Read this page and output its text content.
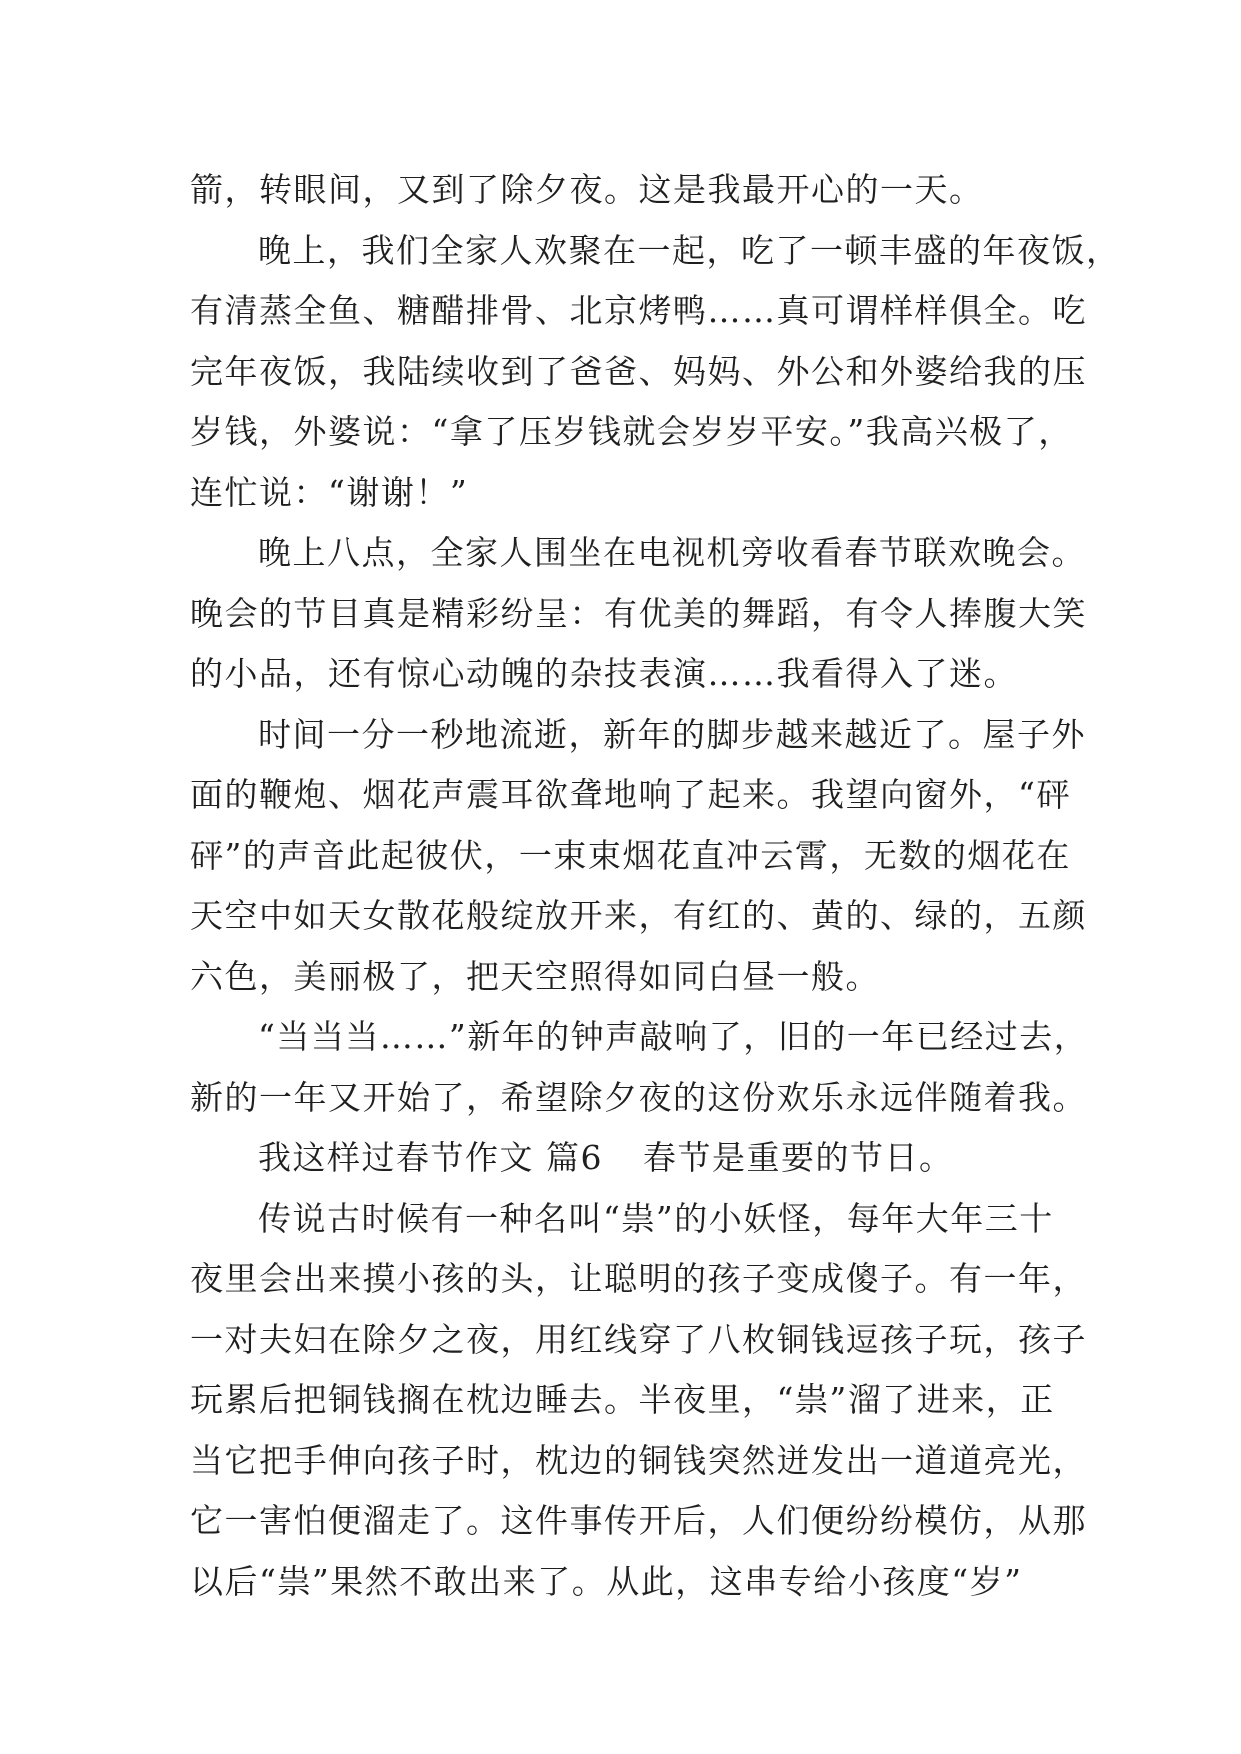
箭，转眼间，又到了除夕夜。这是我最开心的一天。
晚上，我们全家人欢聚在一起，吃了一顿丰盛的年夜饭，
有清蒸全鱼、糖醋排骨、北京烤鸭……真可谓样样俱全。吃
完年夜饭，我陆续收到了爸爸、妈妈、外公和外婆给我的压
岁钱，外婆说：“拿了压岁钱就会岁岁平安。”我高兴极了，
连忙说：“谢谢！”
晚上八点，全家人围坐在电视机旁收看春节联欢晚会。
晚会的节目真是精彩纷呈：有优美的舞蹈，有令人捧腹大笑
的小品，还有惊心动魄的杂技表演……我看得入了迷。
时间一分一秒地流逝，新年的脚步越来越近了。屋子外
面的鞭炮、烟花声震耳欲聋地响了起来。我望向窗外，“砰
砰”的声音此起彼伏，一束束烟花直冲云霄，无数的烟花在
天空中如天女散花般绽放开来，有红的、黄的、绿的，五颜
六色，美丽极了，把天空照得如同白昼一般。
“当当当……”新年的钟声敲响了，旧的一年已经过去，
新的一年又开始了，希望除夕夜的这份欢乐永远伴随着我。
我这样过春节作文 篇6 春节是重要的节日。
传说古时候有一种名叫“祟”的小妖怪，每年大年三十
夜里会出来摸小孩的头，让聪明的孩子变成傻子。有一年，
一对夫妇在除夕之夜，用红线穿了八枚铜钱逗孩子玩，孩子
玩累后把铜钱搁在枕边睡去。半夜里，“祟”溜了进来，正
当它把手伸向孩子时，枕边的铜钱突然迸发出一道道亮光，
它一害怕便溜走了。这件事传开后，人们便纷纷模仿，从那
以后“祟”果然不敢出来了。从此，这串专给小孩度“岁”
